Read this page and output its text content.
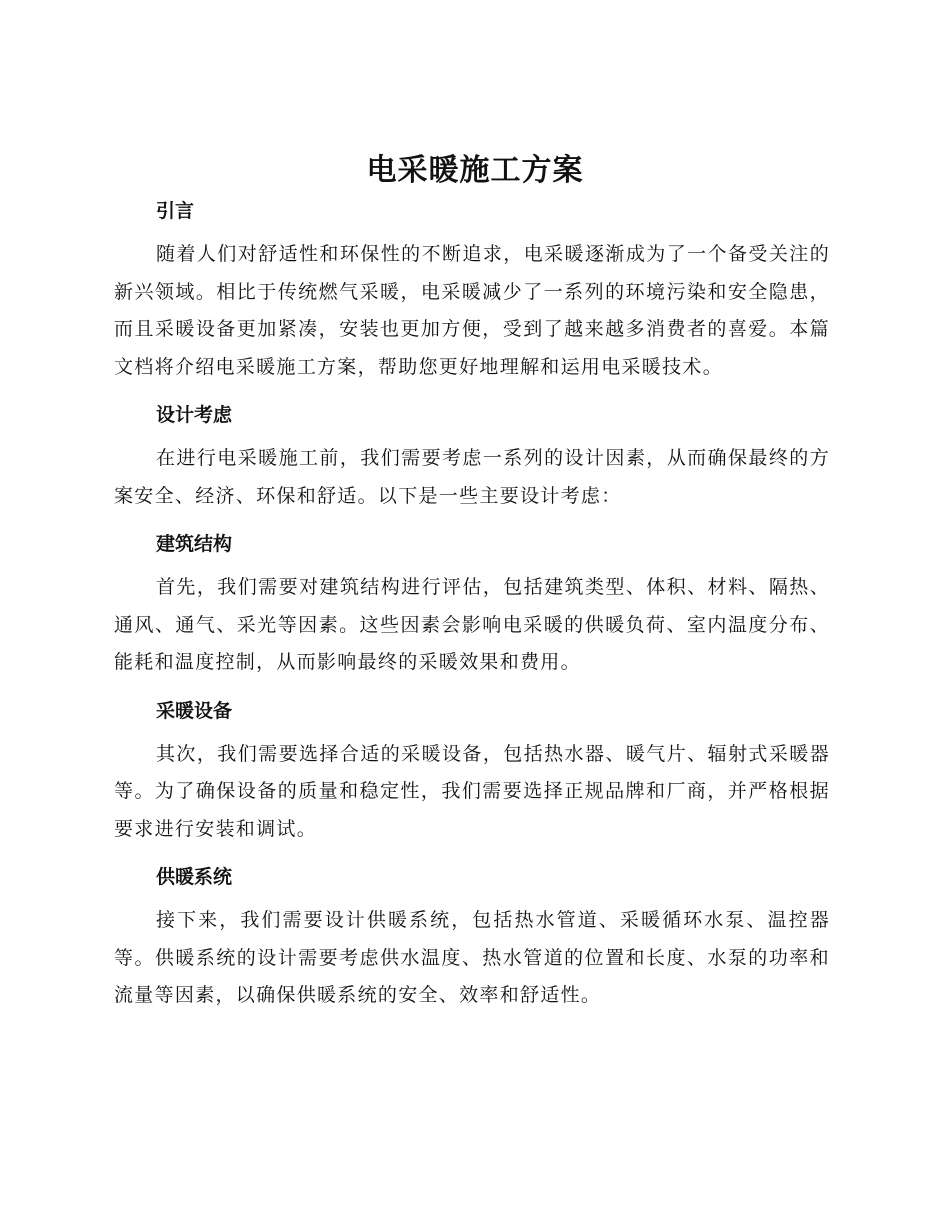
电采暖施工方案
引言

随着人们对舒适性和环保性的不断追求，电采暖逐渐成为了一个备受关注的新兴领域。相比于传统燃气采暖，电采暖减少了一系列的环境污染和安全隐患，而且采暖设备更加紧凑，安装也更加方便，受到了越来越多消费者的喜爱。本篇文档将介绍电采暖施工方案，帮助您更好地理解和运用电采暖技术。

设计考虑

在进行电采暖施工前，我们需要考虑一系列的设计因素，从而确保最终的方案安全、经济、环保和舒适。以下是一些主要设计考虑：

建筑结构

首先，我们需要对建筑结构进行评估，包括建筑类型、体积、材料、隔热、通风、通气、采光等因素。这些因素会影响电采暖的供暖负荷、室内温度分布、能耗和温度控制，从而影响最终的采暖效果和费用。

采暖设备

其次，我们需要选择合适的采暖设备，包括热水器、暖气片、辐射式采暖器等。为了确保设备的质量和稳定性，我们需要选择正规品牌和厂商，并严格根据要求进行安装和调试。

供暖系统

接下来，我们需要设计供暖系统，包括热水管道、采暖循环水泵、温控器等。供暖系统的设计需要考虑供水温度、热水管道的位置和长度、水泵的功率和流量等因素，以确保供暖系统的安全、效率和舒适性。
